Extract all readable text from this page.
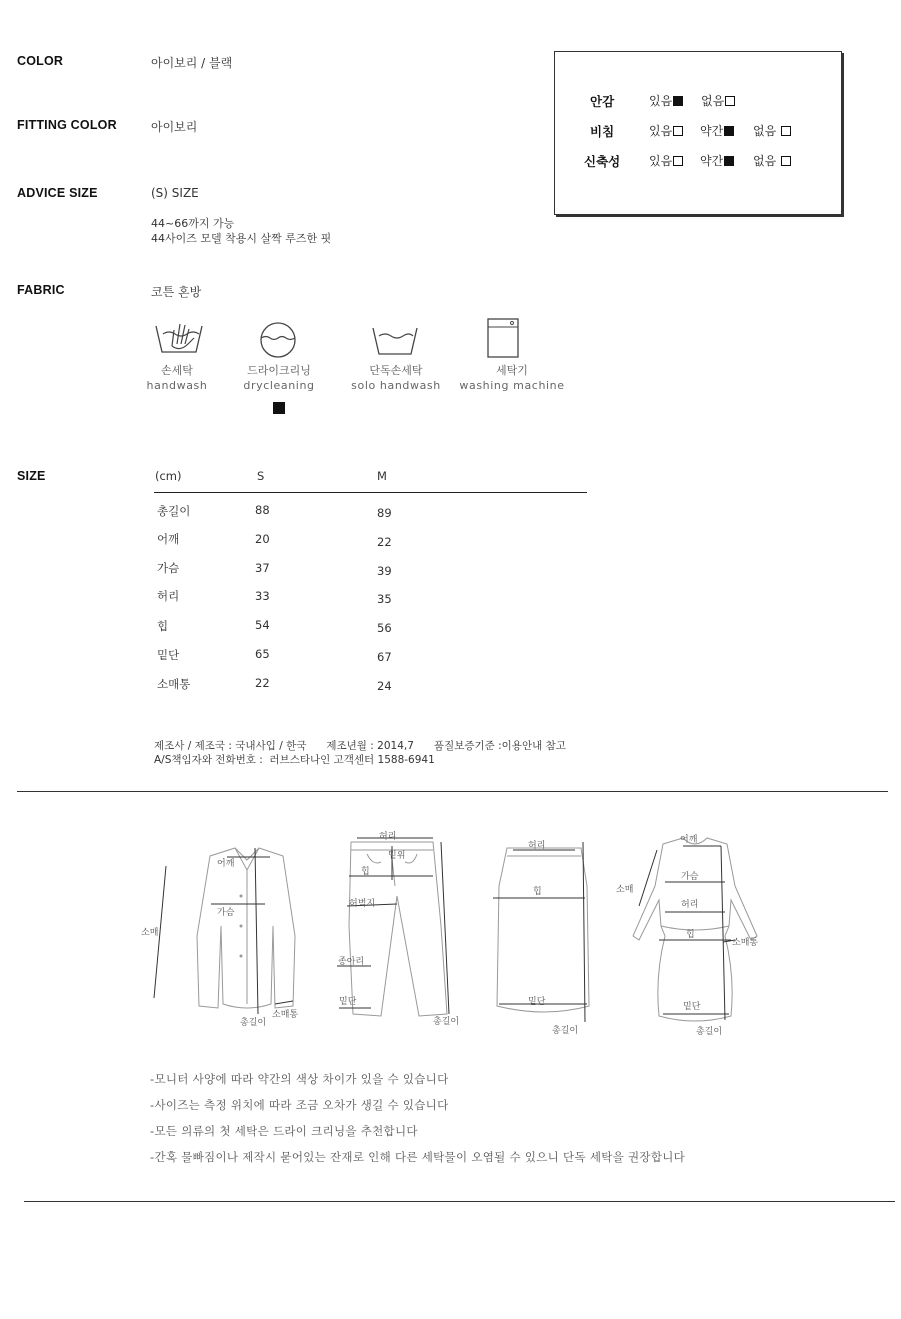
COLOR	아이보리 / 블랙
FITTING COLOR	아이보리
ADVICE SIZE	(S) SIZE
44~66까지 가능
44사이즈 모델 착용시 살짝 루즈한 핏
FABRIC	코튼 혼방
안감	있음	없음
비침	있음	약간	없음
신축성 있음	약간	없음
손세탁
handwash
드라이크리닝
drycleaning
단독손세탁
solo handwash
세탁기
washing machine
SIZE	(cm)	S	M
총길이	88	89
어깨	20	22
가슴	37	39
허리	33	35
힙	54	56
밑단	65	67
소매통	22	24
제조사 / 제조국 : 국내사입 / 한국      제조년월 : 2014,7      품질보증기준 :이용안내 참고
A/S책임자와 전화번호 :  러브스타나인 고객센터 1588-6941
어깨
가슴
소매
총길이
소매통
허리
힙
밑위
허벅지
종아리
밑단
총길이
허리
힙
밑단
총길이
어깨
소매
가슴
허리
힙
소매통
밑단
총길이
-모니터 사양에 따라 약간의 색상 차이가 있을 수 있습니다
-사이즈는 측정 위치에 따라 조금 오차가 생길 수 있습니다
-모든 의류의 첫 세탁은 드라이 크리닝을 추천합니다
-간혹 물빠짐이나 제작시 묻어있는 잔재로 인해 다른 세탁물이 오염될 수 있으니 단독 세탁을 권장합니다
